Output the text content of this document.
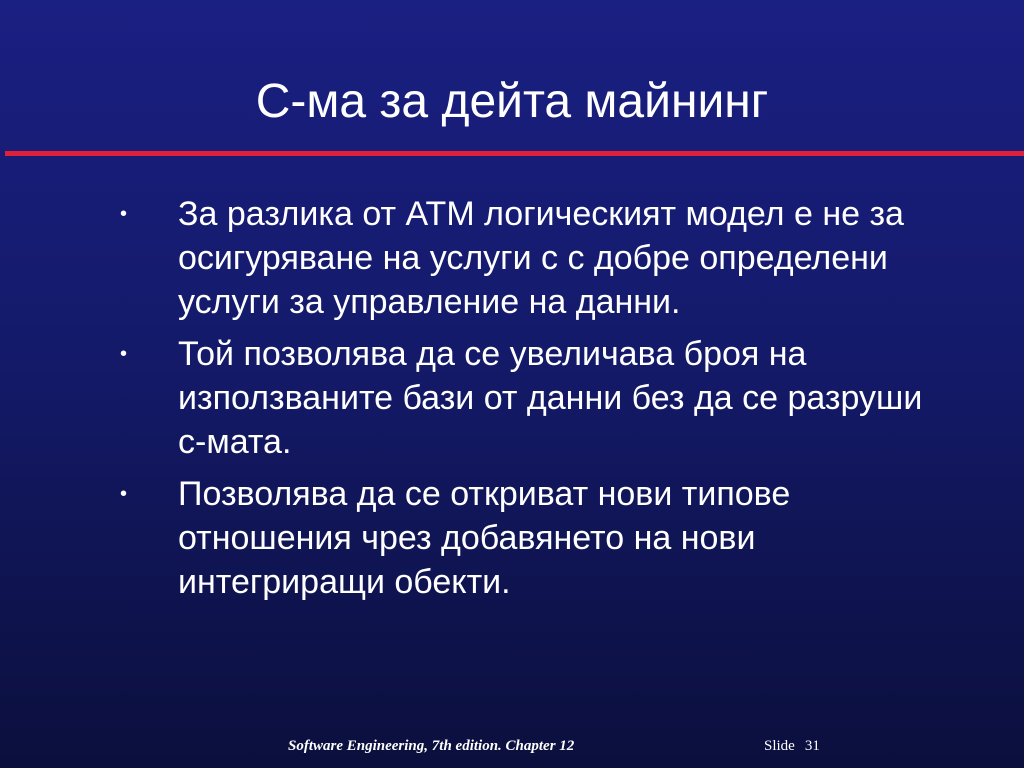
С-ма за дейта майнинг
•	За разлика от АТМ логическият модел е не за осигуряване на услуги с с добре определени услуги за управление на данни.
•	Той позволява да се увеличава броя на използваните бази от данни без да се разруши с-мата.
•	Позволява да се откриват нови типове отношения чрез добавянето на нови интегриращи обекти.
Software Engineering, 7th edition. Chapter 12	Slide 31
